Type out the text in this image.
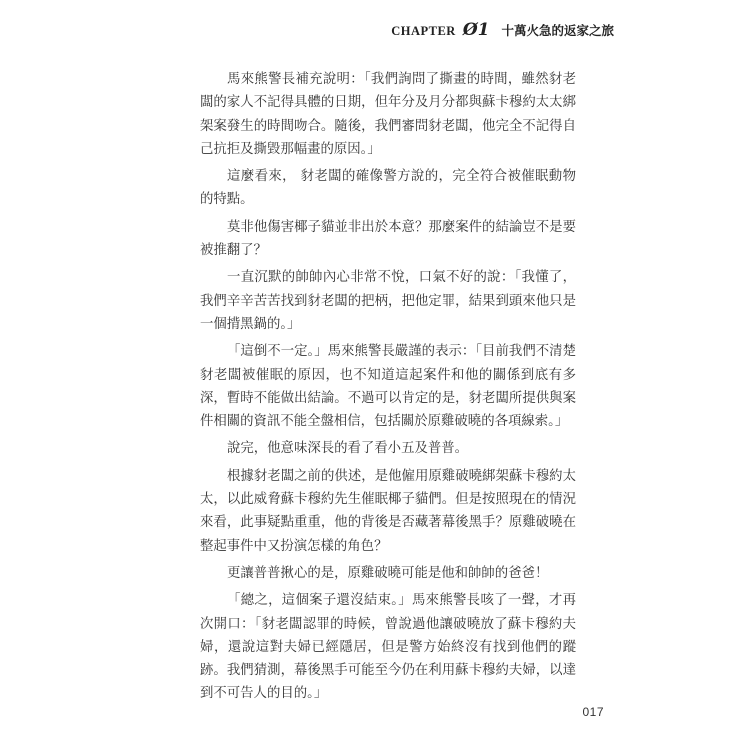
CHAPTER Ø1 十萬火急的返家之旅

馬來熊警長補充說明：「我們詢問了撕畫的時間，雖然豺老闆的家人不記得具體的日期，但年分及月分都與蘇卡穆約太太綁架案發生的時間吻合。隨後，我們審問豺老闆，他完全不記得自己抗拒及撕毀那幅畫的原因。」

這麼看來， 豺老闆的確像警方說的，完全符合被催眠動物的特點。

莫非他傷害椰子貓並非出於本意？那麼案件的結論豈不是要被推翻了？

一直沉默的帥帥內心非常不悅，口氣不好的說：「我懂了，我們辛辛苦苦找到豺老闆的把柄，把他定罪，結果到頭來他只是一個揹黑鍋的。」

「這倒不一定。」馬來熊警長嚴謹的表示：「目前我們不清楚豺老闆被催眠的原因，也不知道這起案件和他的關係到底有多深，暫時不能做出結論。不過可以肯定的是，豺老闆所提供與案件相關的資訊不能全盤相信，包括關於原雞破曉的各項線索。」

說完，他意味深長的看了看小五及普普。

根據豺老闆之前的供述，是他僱用原雞破曉綁架蘇卡穆約太太，以此威脅蘇卡穆約先生催眠椰子貓們。但是按照現在的情況來看，此事疑點重重，他的背後是否藏著幕後黑手？原雞破曉在整起事件中又扮演怎樣的角色？

更讓普普揪心的是，原雞破曉可能是他和帥帥的爸爸！

「總之，這個案子還沒結束。」馬來熊警長咳了一聲，才再次開口：「豺老闆認罪的時候，曾說過他讓破曉放了蘇卡穆約夫婦，還說這對夫婦已經隱居，但是警方始終沒有找到他們的蹤跡。我們猜測，幕後黑手可能至今仍在利用蘇卡穆約夫婦，以達到不可告人的目的。」

017
